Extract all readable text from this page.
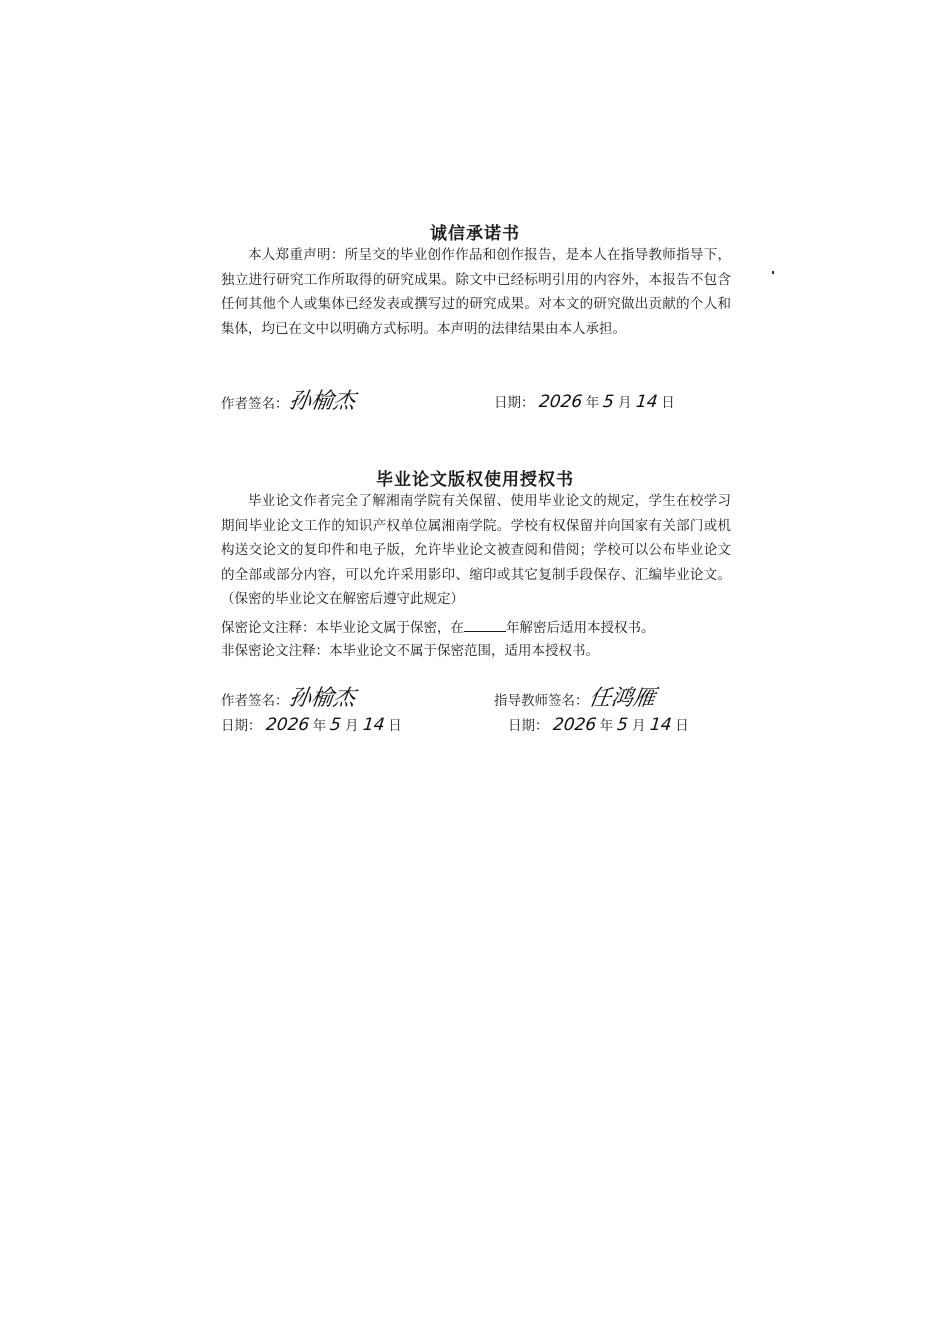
诚信承诺书
本人郑重声明：所呈交的毕业创作作品和创作报告，是本人在指导教师指导下，独立进行研究工作所取得的研究成果。除文中已经标明引用的内容外，本报告不包含任何其他个人或集体已经发表或撰写过的研究成果。对本文的研究做出贡献的个人和集体，均已在文中以明确方式标明。本声明的法律结果由本人承担。
作者签名：孙榆杰	日期： 2026 年 5 月 14 日
毕业论文版权使用授权书
毕业论文作者完全了解湘南学院有关保留、使用毕业论文的规定，学生在校学习期间毕业论文工作的知识产权单位属湘南学院。学校有权保留并向国家有关部门或机构送交论文的复印件和电子版，允许毕业论文被查阅和借阅；学校可以公布毕业论文的全部或部分内容，可以允许采用影印、缩印或其它复制手段保存、汇编毕业论文。（保密的毕业论文在解密后遵守此规定）
保密论文注释：本毕业论文属于保密，在	年解密后适用本授权书。
非保密论文注释：本毕业论文不属于保密范围，适用本授权书。
作者签名：孙榆杰	指导教师签名：任鸿雁
日期： 2026 年 5 月 14 日	日期： 2026 年 5 月 14 日
